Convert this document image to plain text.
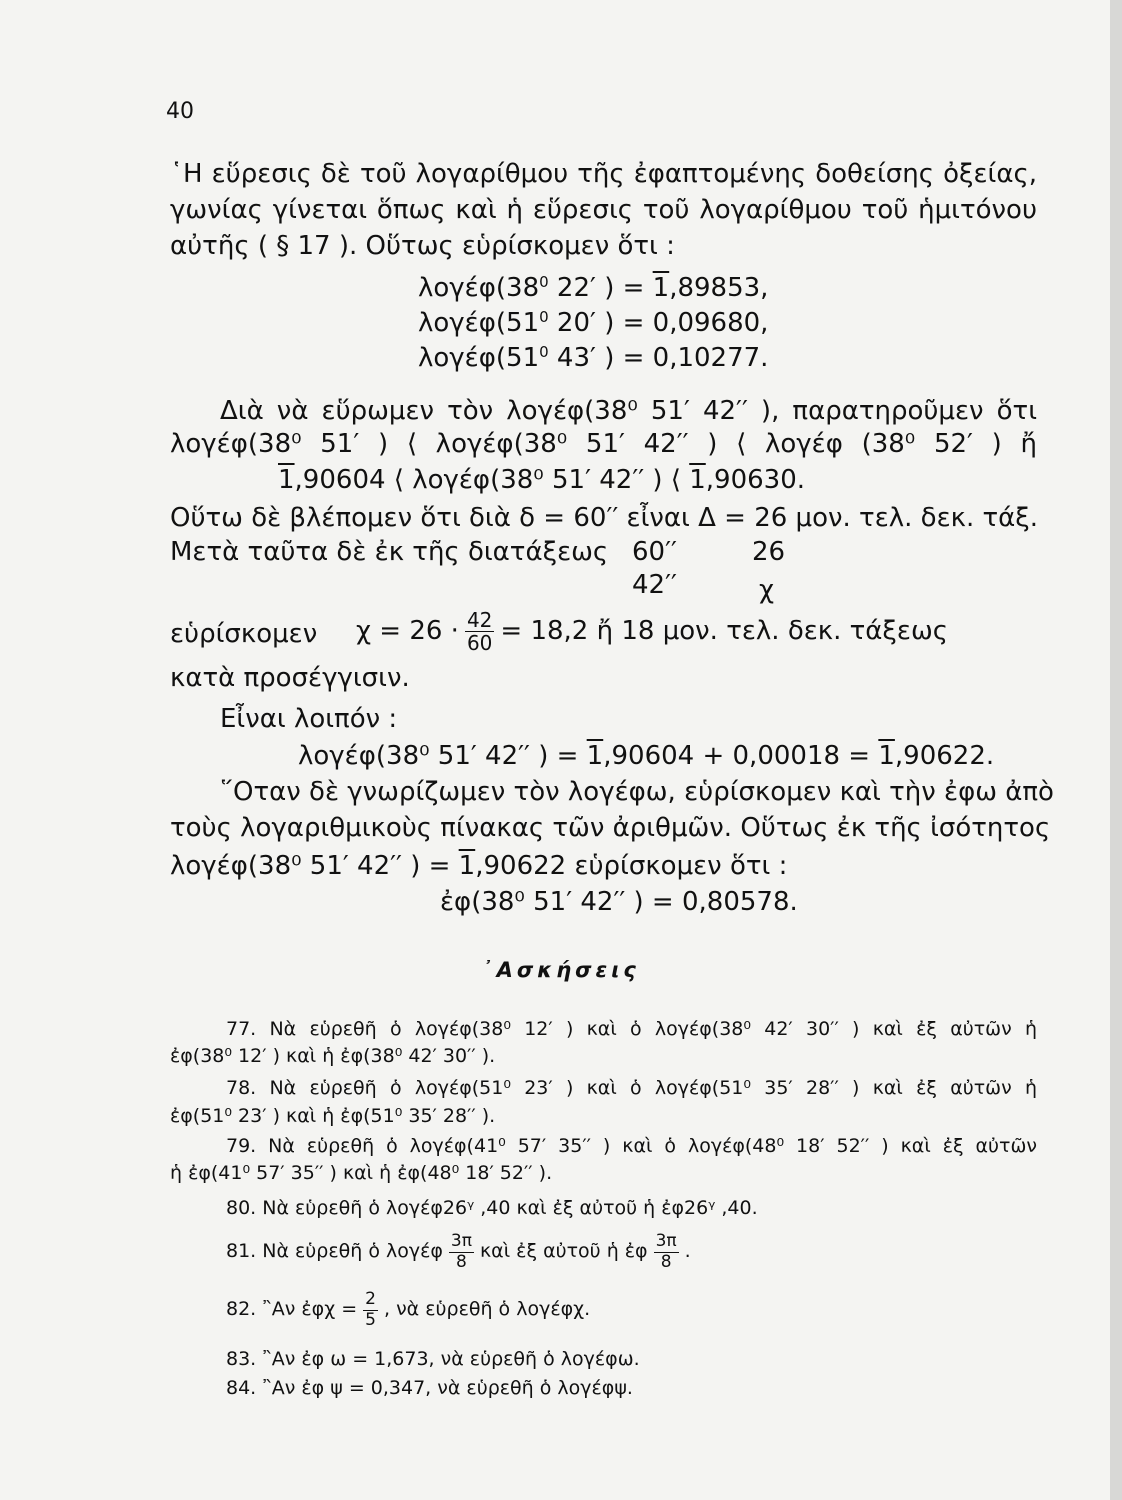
40
῾Η εὕρεσις δὲ τοῦ λογαρίθμου τῆς ἐφαπτομένης δοθείσης ὀξείας,
γωνίας γίνεται ὅπως καὶ ἡ εὕρεσις τοῦ λογαρίθμου τοῦ ἡμιτόνου
αὐτῆς ( § 17 ). Οὕτως εὑρίσκομεν ὅτι :
$\lambda o\gamma έ\varphi(38^0$ 22′ ) = 1,89853,
$\lambda o\gamma έ\varphi(51^0$ 20′ ) = 0,09680,
$\lambda o\gamma έ\varphi(51^0$ 43′ ) = 0,10277.
Διὰ νὰ εὕρωμεν τὸν λογέφ(38⁰ 51′ 42′′ ), παρατηροῦμεν ὅτι
λογέφ(38⁰ 51′ ) ⟨ λογέφ(38⁰ 51′ 42′′ ) ⟨ λογέφ (38⁰ 52′ ) ἤ
1,90604 ⟨ λογέφ(38⁰ 51′ 42′′ ) ⟨ 1,90630.
Οὕτω δὲ βλέπομεν ὅτι διὰ δ = 60′′ εἶναι Δ = 26 μον. τελ. δεκ. τάξ.
Μετὰ ταῦτα δὲ ἐκ τῆς διατάξεως 60′′	26
42′′	χ
εὑρίσκομεν $\chi = 26 \cdot \frac{42}{60} = 18,2$ ἤ 18 μον. τελ. δεκ. τάξεως
κατὰ προσέγγισιν.
Εἶναι λοιπόν :
λογέφ(38⁰ 51′ 42′′ ) = 1,90604 + 0,00018 = 1,90622.
῞Οταν δὲ γνωρίζωμεν τὸν λογέφω, εὑρίσκομεν καὶ τὴν ἐφω ἀπὸ
τοὺς λογαριθμικοὺς πίνακας τῶν ἀριθμῶν. Οὕτως ἐκ τῆς ἰσότητος
λογέφ(38⁰ 51′ 42′′ ) = 1,90622 εὑρίσκομεν ὅτι :
ἐφ(38⁰ 51′ 42′′ ) = 0,80578.
᾿Ασκήσεις
77. Νὰ εὑρεθῆ ὁ λογέφ(38⁰ 12′ ) καὶ ὁ λογέφ(38⁰ 42′ 30′′ ) καὶ ἐξ αὐτῶν ἡ
ἐφ(38⁰ 12′ ) καὶ ἡ ἐφ(38⁰ 42′ 30′′ ).
78. Νὰ εὑρεθῆ ὁ λογέφ(51⁰ 23′ ) καὶ ὁ λογέφ(51⁰ 35′ 28′′ ) καὶ ἐξ αὐτῶν ἡ
ἐφ(51⁰ 23′ ) καὶ ἡ ἐφ(51⁰ 35′ 28′′ ).
79. Νὰ εὑρεθῆ ὁ λογέφ(41⁰ 57′ 35′′ ) καὶ ὁ λογέφ(48⁰ 18′ 52′′ ) καὶ ἐξ αὐτῶν
ἡ ἐφ(41⁰ 57′ 35′′ ) καὶ ἡ ἐφ(48⁰ 18′ 52′′ ).
80. Νὰ εὑρεθῆ ὁ λογέφ26ᵞ ,40 καὶ ἐξ αὐτοῦ ἡ ἐφ26ᵞ ,40.
81. Νὰ εὑρεθῆ ὁ λογέφ $\frac{3\pi}{8}$ καὶ ἐξ αὐτοῦ ἡ ἐφ $\frac{3\pi}{8}$ .
82. ῍Αν ἐφχ = $\frac{2}{5}$ , νὰ εὑρεθῆ ὁ λογέφχ.
83. ῍Αν ἐφ ω = 1,673, νὰ εὑρεθῆ ὁ λογέφω.
84. ῍Αν ἐφ ψ = 0,347, νὰ εὑρεθῆ ὁ λογέφψ.
